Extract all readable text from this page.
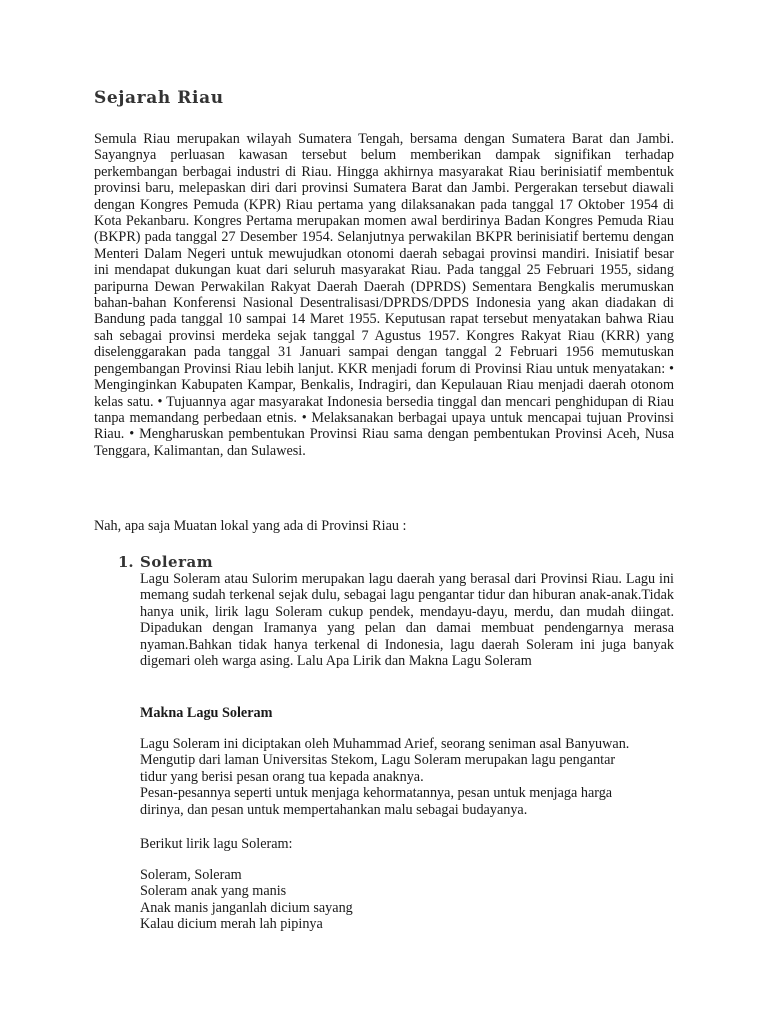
Sejarah Riau

Semula Riau merupakan wilayah Sumatera Tengah, bersama dengan Sumatera Barat dan Jambi. Sayangnya perluasan kawasan tersebut belum memberikan dampak signifikan terhadap perkembangan berbagai industri di Riau. Hingga akhirnya masyarakat Riau berinisiatif membentuk provinsi baru, melepaskan diri dari provinsi Sumatera Barat dan Jambi. Pergerakan tersebut diawali dengan Kongres Pemuda (KPR) Riau pertama yang dilaksanakan pada tanggal 17 Oktober 1954 di Kota Pekanbaru. Kongres Pertama merupakan momen awal berdirinya Badan Kongres Pemuda Riau (BKPR) pada tanggal 27 Desember 1954. Selanjutnya perwakilan BKPR berinisiatif bertemu dengan Menteri Dalam Negeri untuk mewujudkan otonomi daerah sebagai provinsi mandiri. Inisiatif besar ini mendapat dukungan kuat dari seluruh masyarakat Riau. Pada tanggal 25 Februari 1955, sidang paripurna Dewan Perwakilan Rakyat Daerah Daerah (DPRDS) Sementara Bengkalis merumuskan bahan-bahan Konferensi Nasional Desentralisasi/DPRDS/DPDS Indonesia yang akan diadakan di Bandung pada tanggal 10 sampai 14 Maret 1955. Keputusan rapat tersebut menyatakan bahwa Riau sah sebagai provinsi merdeka sejak tanggal 7 Agustus 1957. Kongres Rakyat Riau (KRR) yang diselenggarakan pada tanggal 31 Januari sampai dengan tanggal 2 Februari 1956 memutuskan pengembangan Provinsi Riau lebih lanjut. KKR menjadi forum di Provinsi Riau untuk menyatakan: • Menginginkan Kabupaten Kampar, Benkalis, Indragiri, dan Kepulauan Riau menjadi daerah otonom kelas satu. • Tujuannya agar masyarakat Indonesia bersedia tinggal dan mencari penghidupan di Riau tanpa memandang perbedaan etnis. • Melaksanakan berbagai upaya untuk mencapai tujuan Provinsi Riau. • Mengharuskan pembentukan Provinsi Riau sama dengan pembentukan Provinsi Aceh, Nusa Tenggara, Kalimantan, dan Sulawesi.

Nah, apa saja Muatan lokal yang ada di Provinsi Riau :

1. Soleram

Lagu Soleram atau Sulorim merupakan lagu daerah yang berasal dari Provinsi Riau. Lagu ini memang sudah terkenal sejak dulu, sebagai lagu pengantar tidur dan hiburan anak-anak.Tidak hanya unik, lirik lagu Soleram cukup pendek, mendayu-dayu, merdu, dan mudah diingat. Dipadukan dengan Iramanya yang pelan dan damai membuat pendengarnya merasa nyaman.Bahkan tidak hanya terkenal di Indonesia, lagu daerah Soleram ini juga banyak digemari oleh warga asing. Lalu Apa Lirik dan Makna Lagu Soleram

Makna Lagu Soleram

Lagu Soleram ini diciptakan oleh Muhammad Arief, seorang seniman asal Banyuwan.
Mengutip dari laman Universitas Stekom, Lagu Soleram merupakan lagu pengantar
tidur yang berisi pesan orang tua kepada anaknya.
Pesan-pesannya seperti untuk menjaga kehormatannya, pesan untuk menjaga harga
dirinya, dan pesan untuk mempertahankan malu sebagai budayanya.

Berikut lirik lagu Soleram:

Soleram, Soleram
Soleram anak yang manis
Anak manis janganlah dicium sayang
Kalau dicium merah lah pipinya
